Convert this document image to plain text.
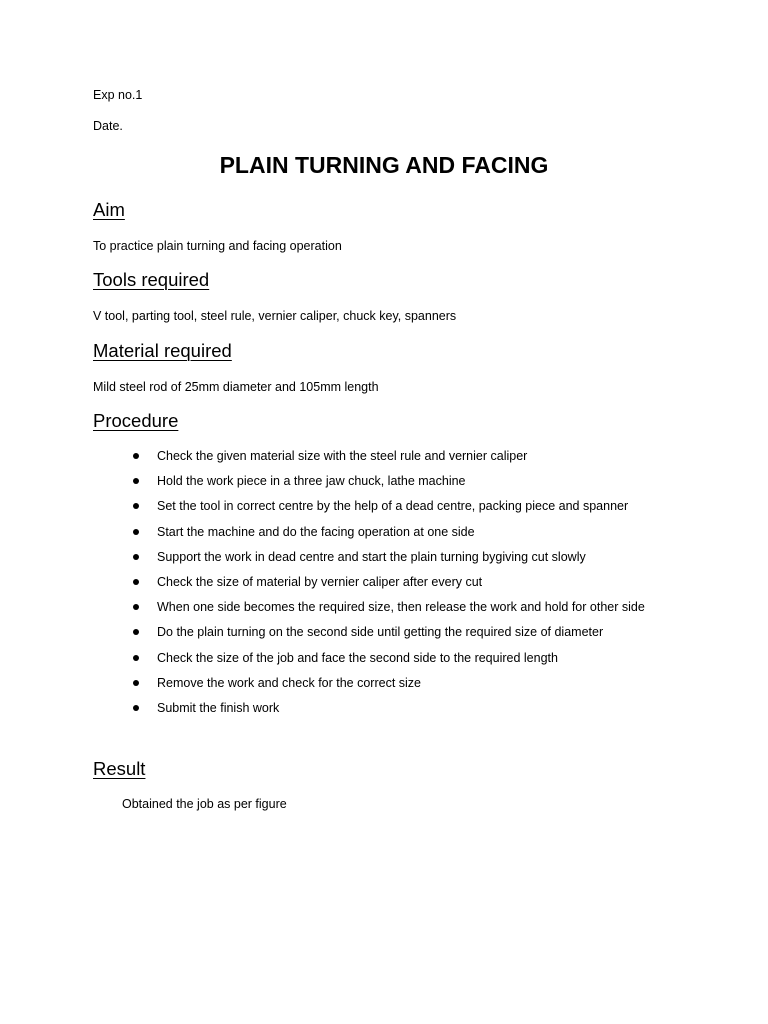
Exp no.1
Date.
PLAIN TURNING AND FACING
Aim
To practice plain turning and facing operation
Tools required
V tool, parting tool, steel rule, vernier caliper, chuck key, spanners
Material required
Mild steel rod of 25mm diameter and 105mm length
Procedure
Check the given material size with the steel rule and vernier caliper
Hold the work piece in a three jaw chuck, lathe machine
Set the tool in correct centre by the help of a dead centre, packing piece and spanner
Start the machine and do the facing operation at one side
Support the work in dead centre and start the plain turning bygiving cut slowly
Check the size of material by vernier caliper after every cut
When one side becomes the required size, then release the work and hold for other side
Do the plain turning on the second side until getting the required size of diameter
Check the size of the job and face the second side to the required length
Remove the work and check for the correct size
Submit the finish work
Result
Obtained the job as per figure
